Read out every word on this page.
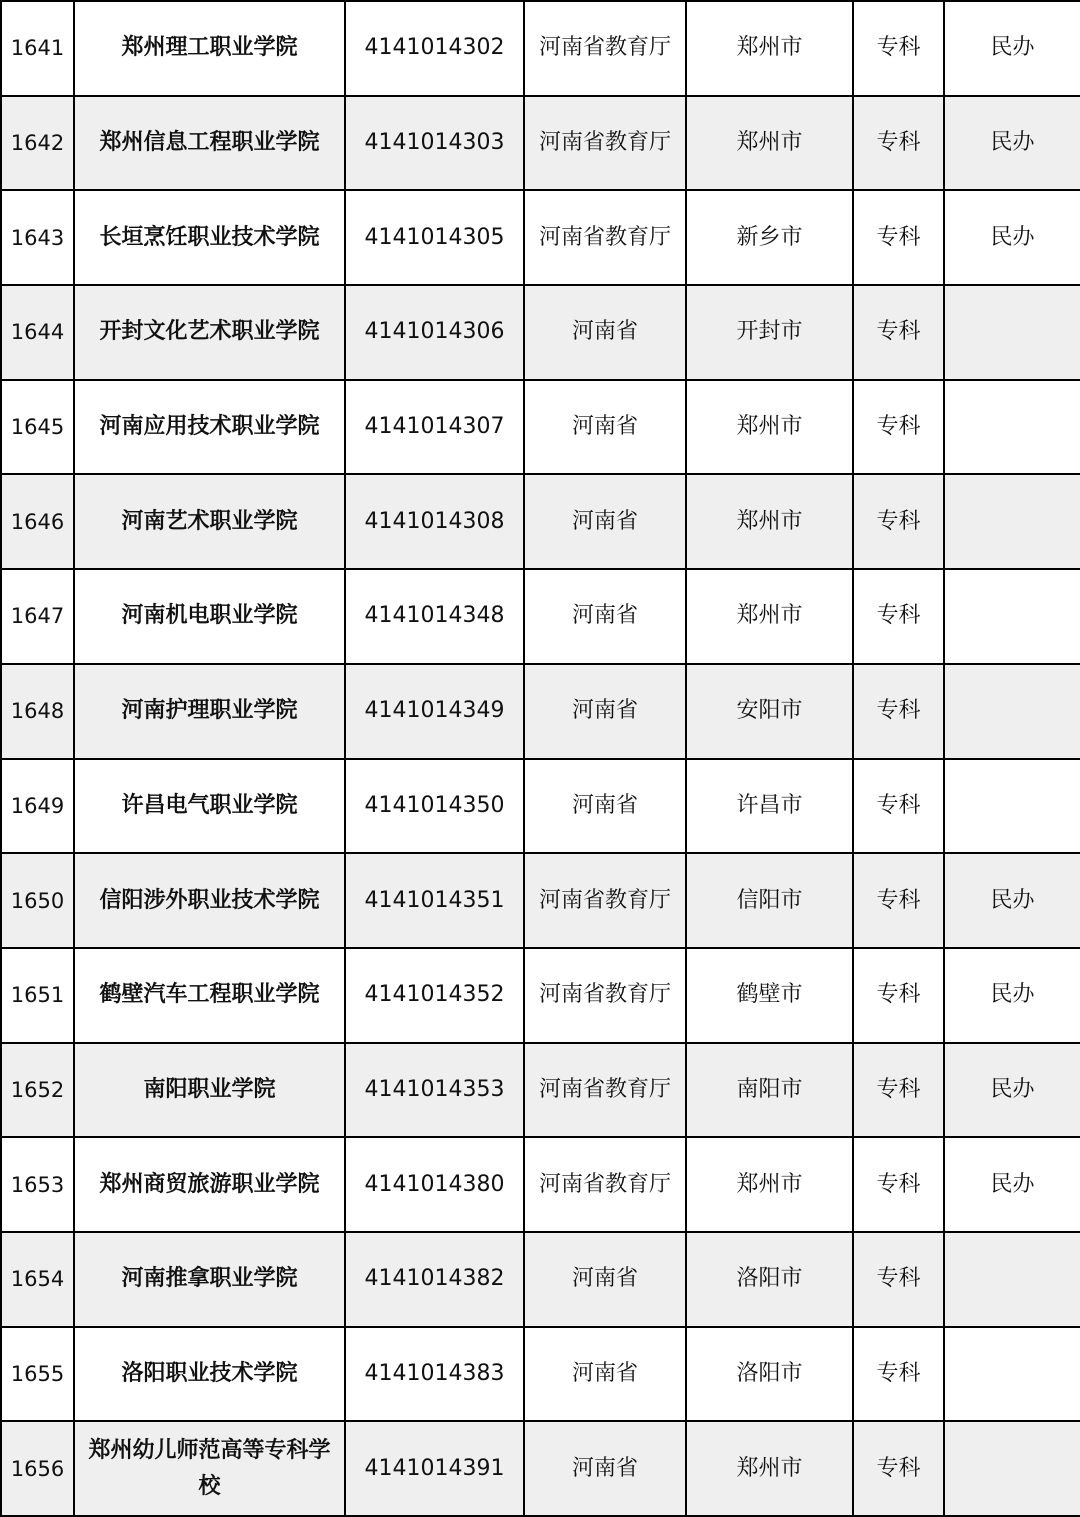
1641	郑州理工职业学院	4141014302	河南省教育厅	郑州市	专科	民办
1642	郑州信息工程职业学院	4141014303	河南省教育厅	郑州市	专科	民办
1643	长垣烹饪职业技术学院	4141014305	河南省教育厅	新乡市	专科	民办
1644	开封文化艺术职业学院	4141014306	河南省	开封市	专科	
1645	河南应用技术职业学院	4141014307	河南省	郑州市	专科	
1646	河南艺术职业学院	4141014308	河南省	郑州市	专科	
1647	河南机电职业学院	4141014348	河南省	郑州市	专科	
1648	河南护理职业学院	4141014349	河南省	安阳市	专科	
1649	许昌电气职业学院	4141014350	河南省	许昌市	专科	
1650	信阳涉外职业技术学院	4141014351	河南省教育厅	信阳市	专科	民办
1651	鹤壁汽车工程职业学院	4141014352	河南省教育厅	鹤壁市	专科	民办
1652	南阳职业学院	4141014353	河南省教育厅	南阳市	专科	民办
1653	郑州商贸旅游职业学院	4141014380	河南省教育厅	郑州市	专科	民办
1654	河南推拿职业学院	4141014382	河南省	洛阳市	专科	
1655	洛阳职业技术学院	4141014383	河南省	洛阳市	专科	
1656	郑州幼儿师范高等专科学校	4141014391	河南省	郑州市	专科	
